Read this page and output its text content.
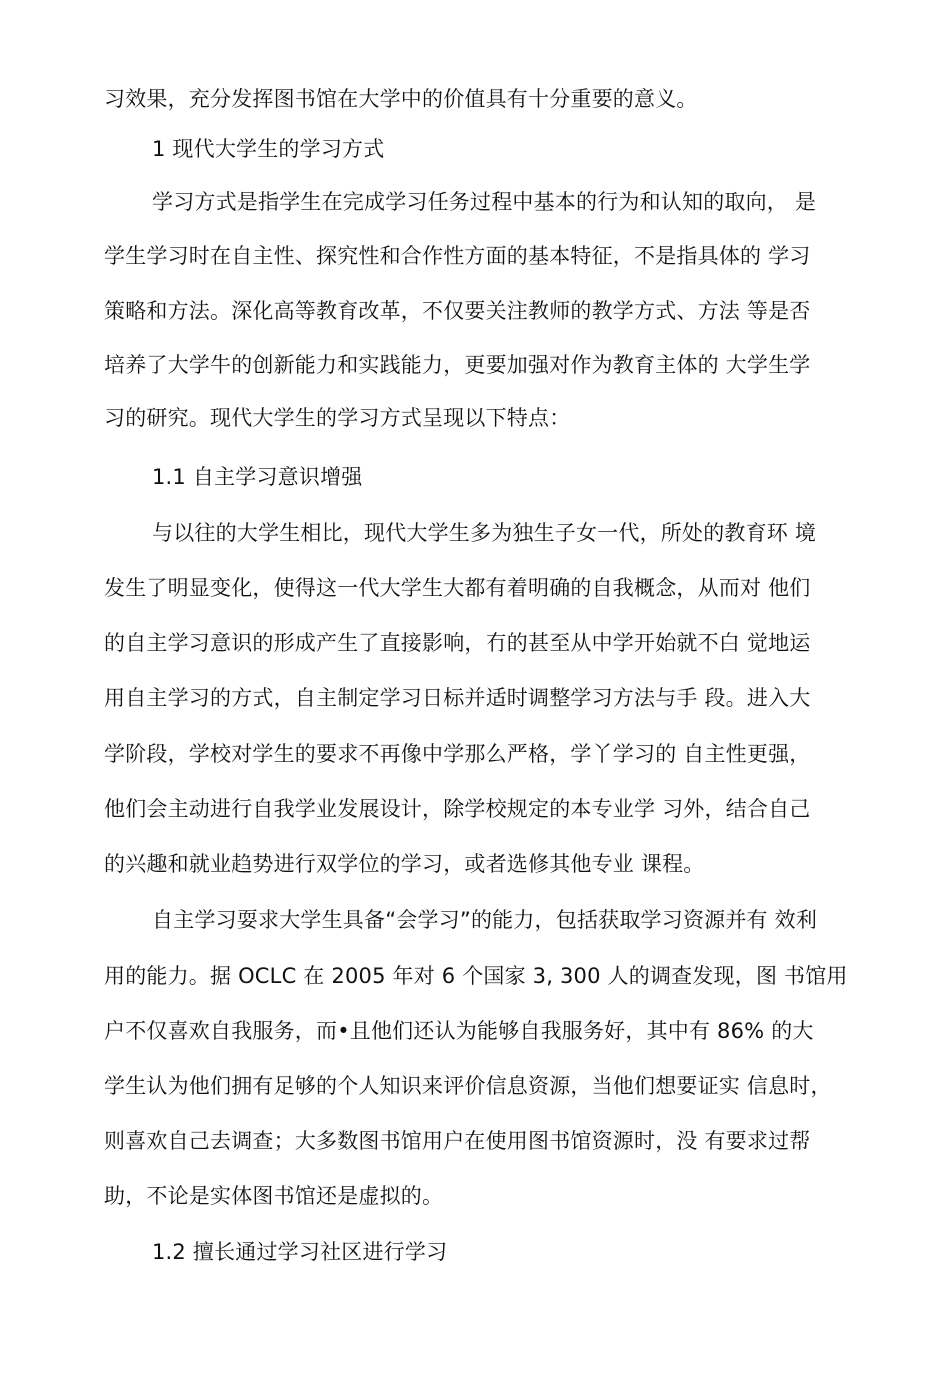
习效果，充分发挥图书馆在大学中的价值具有十分重要的意义。
1 现代大学生的学习方式
学习方式是指学生在完成学习任务过程中基本的行为和认知的取向， 是
学生学习时在自主性、探究性和合作性方面的基本特征，不是指具体的 学习
策略和方法。深化高等教育改革，不仅要关注教师的教学方式、方法 等是否
培养了大学牛的创新能力和实践能力，更要加强对作为教育主体的 大学生学
习的研究。现代大学生的学习方式呈现以下特点：
1.1 自主学习意识增强
与以往的大学生相比，现代大学生多为独生子女一代，所处的教育环 境
发生了明显变化，使得这一代大学生大都有着明确的自我概念，从而对 他们
的自主学习意识的形成产生了直接影响，冇的甚至从中学开始就不白 觉地运
用自主学习的方式，自主制定学习日标并适时调整学习方法与手 段。进入大
学阶段，学校对学生的要求不再像中学那么严格，学丫学习的 自主性更强，
他们会主动进行自我学业发展设计，除学校规定的本专业学 习外，结合自己
的兴趣和就业趋势进行双学位的学习，或者选修其他专业 课程。
自主学习耍求大学生具备“会学习”的能力，包括获取学习资源并有 效利
用的能力。据 OCLC 在 2005 年对 6 个国家 3, 300 人的调查发现，图 书馆用
户不仅喜欢自我服务，而•且他们还认为能够自我服务好，其中有 86% 的大
学生认为他们拥有足够的个人知识来评价信息资源，当他们想要证实 信息时，
则喜欢自己去调查；大多数图书馆用户在使用图书馆资源时，没 有要求过帮
助，不论是实体图书馆还是虚拟的。
1.2 擅长通过学习社区进行学习
